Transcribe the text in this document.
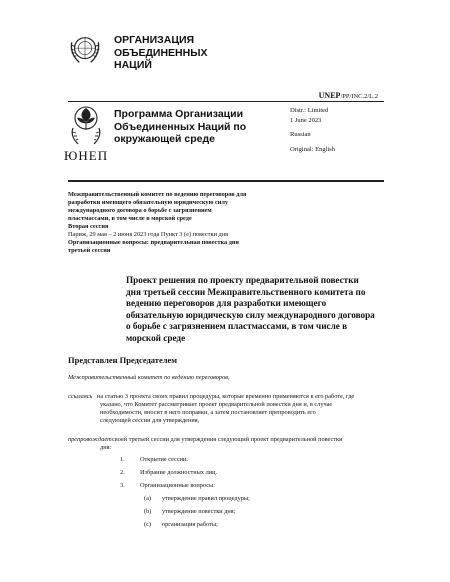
ОРГАНИЗАЦИЯ
ОБЪЕДИНЕННЫХ
НАЦИЙ
UNEP/PP/INC.2/L.2
ЮНЕП
Программа Организации
Объединенных Наций по
окружающей среде
Distr.: Limited
1 June 2023
Russian
Original: English
Межправительственный комитет по ведению переговоров для
разработки имеющего обязательную юридическую силу
международного договора о борьбе с загрязнением
пластмассами, в том числе в морской среде
Вторая сессия
Париж, 29 мая – 2 июня 2023 года Пункт 3 (е) повестки дня
Организационные вопросы: предварительная повестка дня
третьей сессии
Проект решения по проекту предварительной повестки
дня третьей сессии Межправительственного комитета по
ведению переговоров для разработки имеющего
обязательную юридическую силу международного договора
о борьбе с загрязнением пластмассами, в том числе в
морской среде
Представлен Председателем
Межправительственный комитет по ведению переговоров,
ссылаясь на статью 3 проекта своих правил процедуры, которые временно применяются к его работе, где
указано, что Комитет рассматривает проект предварительной повестки дня и, в случае
необходимости, вносит в него поправки, а затем постановляет препроводить его
следующей сессии для утверждения,
препровождает своей третьей сессии для утверждения следующий проект предварительной повестки
дня:
1. Открытие сессии.
2. Избрание должностных лиц.
3. Организационные вопросы:
(a) утверждение правил процедуры;
(b) утверждение повестки дня;
(c) организация работы;
